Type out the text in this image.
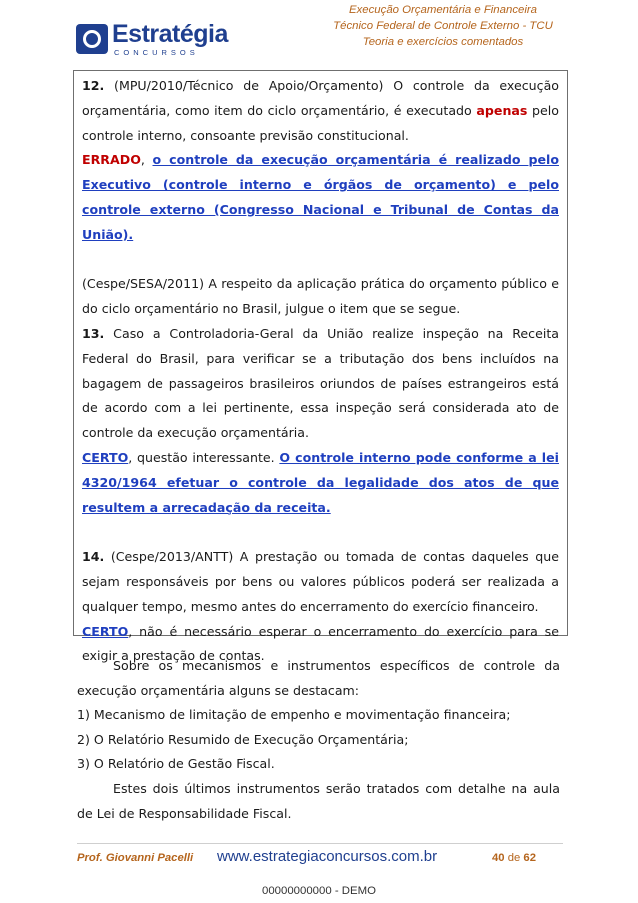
Estratégia
CONCURSOS
Execução Orçamentária e Financeira
Técnico Federal de Controle Externo - TCU
Teoria e exercícios comentados

12. (MPU/2010/Técnico de Apoio/Orçamento) O controle da execução orçamentária, como item do ciclo orçamentário, é executado apenas pelo controle interno, consoante previsão constitucional.

ERRADO, o controle da execução orçamentária é realizado pelo Executivo (controle interno e órgãos de orçamento) e pelo controle externo (Congresso Nacional e Tribunal de Contas da União).

(Cespe/SESA/2011) A respeito da aplicação prática do orçamento público e do ciclo orçamentário no Brasil, julgue o item que se segue.

13. Caso a Controladoria-Geral da União realize inspeção na Receita Federal do Brasil, para verificar se a tributação dos bens incluídos na bagagem de passageiros brasileiros oriundos de países estrangeiros está de acordo com a lei pertinente, essa inspeção será considerada ato de controle da execução orçamentária.

CERTO, questão interessante. O controle interno pode conforme a lei 4320/1964 efetuar o controle da legalidade dos atos de que resultem a arrecadação da receita.

14. (Cespe/2013/ANTT) A prestação ou tomada de contas daqueles que sejam responsáveis por bens ou valores públicos poderá ser realizada a qualquer tempo, mesmo antes do encerramento do exercício financeiro.

CERTO, não é necessário esperar o encerramento do exercício para se exigir a prestação de contas.

Sobre os mecanismos e instrumentos específicos de controle da execução orçamentária alguns se destacam:

1) Mecanismo de limitação de empenho e movimentação financeira;

2) O Relatório Resumido de Execução Orçamentária;

3) O Relatório de Gestão Fiscal.

Estes dois últimos instrumentos serão tratados com detalhe na aula de Lei de Responsabilidade Fiscal.

Prof. Giovanni Pacelli www.estrategiaconcursos.com.br	40 de 62
00000000000 - DEMO
